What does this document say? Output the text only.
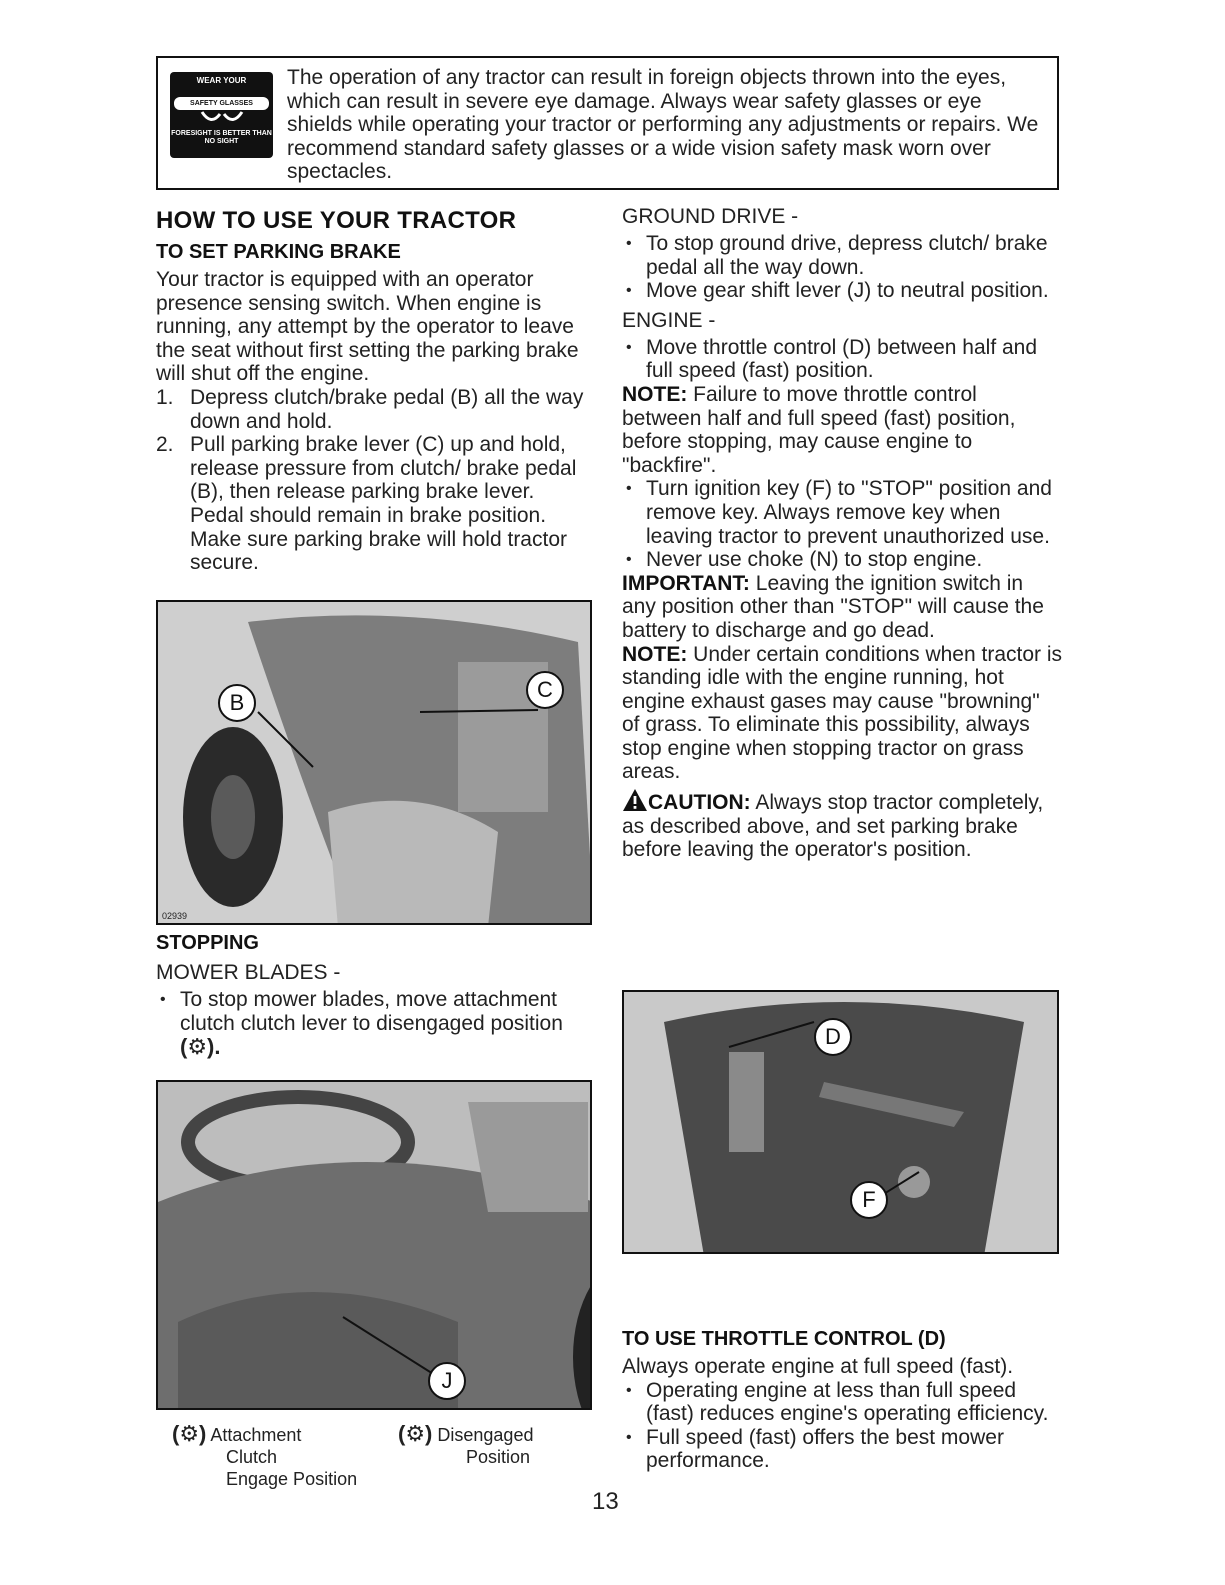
WEAR YOUR
SAFETY GLASSES
FORESIGHT IS BETTER THAN NO SIGHT

The operation of any tractor can result in foreign objects thrown into the eyes, which can result in severe eye damage. Always wear safety glasses or eye shields while operating your tractor or performing any adjustments or repairs. We recommend standard safety glasses or a wide vision safety mask worn over spectacles.

HOW TO USE YOUR TRACTOR
TO SET PARKING BRAKE

Your tractor is equipped with an operator presence sensing switch. When engine is running, any attempt by the operator to leave the seat without first setting the parking brake will shut off the engine.

1. Depress clutch/brake pedal (B) all the way down and hold.
2. Pull parking brake lever (C) up and hold, release pressure from clutch/ brake pedal (B), then release parking brake lever. Pedal should remain in brake position. Make sure parking brake will hold tractor secure.
B
C
02939
STOPPING
MOWER BLADES -
• To stop mower blades, move attachment clutch clutch lever to disengaged position
(⚙).
J
(⚙) Attachment
Clutch
Engage Position
(⚙) Disengaged
Position
GROUND DRIVE -
• To stop ground drive, depress clutch/ brake pedal all the way down.
• Move gear shift lever (J) to neutral position.
ENGINE -
• Move throttle control (D) between half and full speed (fast) position.

NOTE: Failure to move throttle control between half and full speed (fast) position, before stopping, may cause engine to "backfire".

• Turn ignition key (F) to "STOP" position and remove key. Always remove key when leaving tractor to prevent unauthorized use.
• Never use choke (N) to stop engine.

IMPORTANT: Leaving the ignition switch in any position other than "STOP" will cause the battery to discharge and go dead.

NOTE: Under certain conditions when tractor is standing idle with the engine running, hot engine exhaust gases may cause "browning" of grass. To eliminate this possibility, always stop engine when stopping tractor on grass areas.

CAUTION: Always stop tractor completely, as described above, and set parking brake before leaving the operator's position.

D
F
TO USE THROTTLE CONTROL (D)

Always operate engine at full speed (fast).

• Operating engine at less than full speed (fast) reduces engine's operating efficiency.
• Full speed (fast) offers the best mower performance.
13
